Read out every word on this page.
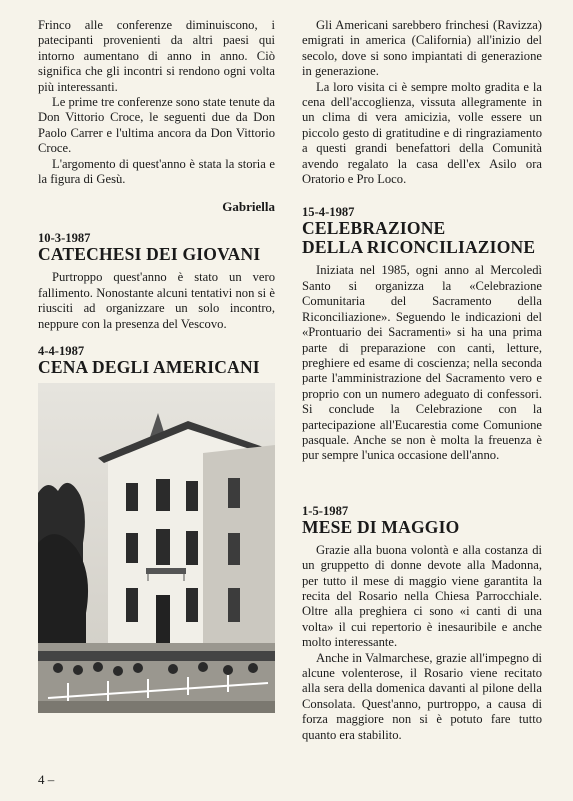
Frinco alle conferenze diminuiscono, i patecipanti provenienti da altri paesi qui intorno aumentano di anno in anno. Ciò significa che gli incontri si rendono ogni volta più interessanti.

Le prime tre conferenze sono state tenute da Don Vittorio Croce, le seguenti due da Don Paolo Carrer e l'ultima ancora da Don Vittorio Croce.

L'argomento di quest'anno è stata la storia e la figura di Gesù.

Gabriella
10-3-1987
CATECHESI DEI GIOVANI

Purtroppo quest'anno è stato un vero fallimento. Nonostante alcuni tentativi non si è riusciti ad organizzare un solo incontro, neppure con la presenza del Vescovo.

4-4-1987
CENA DEGLI AMERICANI

Gli Americani sarebbero frinchesi (Ravizza) emigrati in america (California) all'inizio del secolo, dove si sono impiantati di generazione in generazione.

La loro visita ci è sempre molto gradita e la cena dell'accoglienza, vissuta allegramente in un clima di vera amicizia, volle essere un piccolo gesto di gratitudine e di ringraziamento a questi grandi benefattori della Comunità avendo regalato la casa dell'ex Asilo ora Oratorio e Pro Loco.

15-4-1987
CELEBRAZIONE
DELLA RICONCILIAZIONE

Iniziata nel 1985, ogni anno al Mercoledì Santo si organizza la «Celebrazione Comunitaria del Sacramento della Riconciliazione». Seguendo le indicazioni del «Prontuario dei Sacramenti» si ha una prima parte di preparazione con canti, letture, preghiere ed esame di coscienza; nella seconda parte l'amministrazione del Sacramento vero e proprio con un numero adeguato di confessori. Si conclude la Celebrazione con la partecipazione all'Eucarestia come Comunione pasquale. Anche se non è molta la freuenza è pur sempre l'unica occasione dell'anno.

1-5-1987
MESE DI MAGGIO

Grazie alla buona volontà e alla costanza di un gruppetto di donne devote alla Madonna, per tutto il mese di maggio viene garantita la recita del Rosario nella Chiesa Parrocchiale. Oltre alla preghiera ci sono «i canti di una volta» il cui repertorio è inesauribile e anche molto interessante.

Anche in Valmarchese, grazie all'impegno di alcune volenterose, il Rosario viene recitato alla sera della domenica davanti al pilone della Consolata. Quest'anno, purtroppo, a causa di forza maggiore non si è potuto fare tutto quanto era stabilito.

4 –
